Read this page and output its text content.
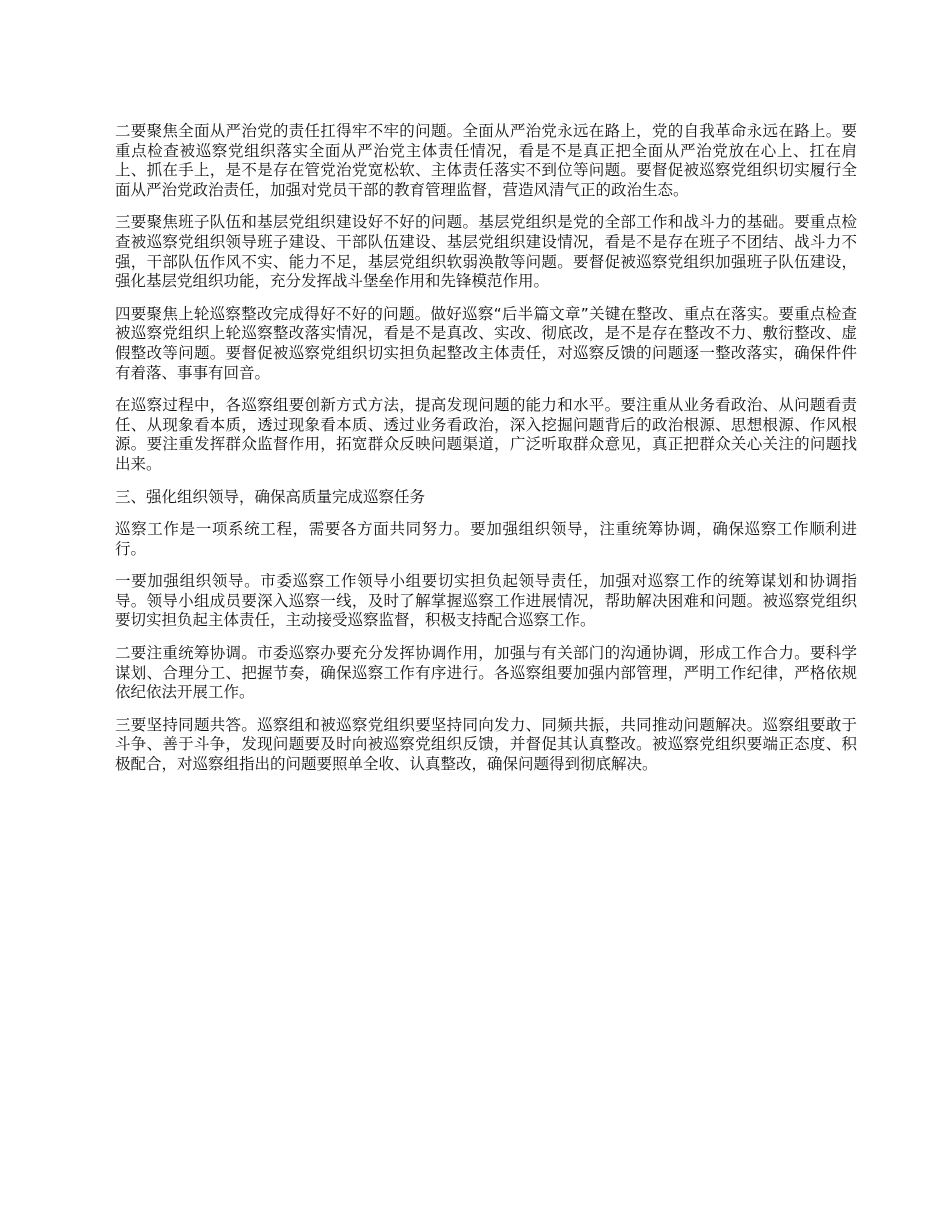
二要聚焦全面从严治党的责任扛得牢不牢的问题。全面从严治党永远在路上，党的自我革命永远在路上。要重点检查被巡察党组织落实全面从严治党主体责任情况，看是不是真正把全面从严治党放在心上、扛在肩上、抓在手上，是不是存在管党治党宽松软、主体责任落实不到位等问题。要督促被巡察党组织切实履行全面从严治党政治责任，加强对党员干部的教育管理监督，营造风清气正的政治生态。

三要聚焦班子队伍和基层党组织建设好不好的问题。基层党组织是党的全部工作和战斗力的基础。要重点检查被巡察党组织领导班子建设、干部队伍建设、基层党组织建设情况，看是不是存在班子不团结、战斗力不强，干部队伍作风不实、能力不足，基层党组织软弱涣散等问题。要督促被巡察党组织加强班子队伍建设，强化基层党组织功能，充分发挥战斗堡垒作用和先锋模范作用。

四要聚焦上轮巡察整改完成得好不好的问题。做好巡察“后半篇文章”关键在整改、重点在落实。要重点检查被巡察党组织上轮巡察整改落实情况，看是不是真改、实改、彻底改，是不是存在整改不力、敷衍整改、虚假整改等问题。要督促被巡察党组织切实担负起整改主体责任，对巡察反馈的问题逐一整改落实，确保件件有着落、事事有回音。

在巡察过程中，各巡察组要创新方式方法，提高发现问题的能力和水平。要注重从业务看政治、从问题看责任、从现象看本质，透过现象看本质、透过业务看政治，深入挖掘问题背后的政治根源、思想根源、作风根源。要注重发挥群众监督作用，拓宽群众反映问题渠道，广泛听取群众意见，真正把群众关心关注的问题找出来。

三、强化组织领导，确保高质量完成巡察任务

巡察工作是一项系统工程，需要各方面共同努力。要加强组织领导，注重统筹协调，确保巡察工作顺利进行。

一要加强组织领导。市委巡察工作领导小组要切实担负起领导责任，加强对巡察工作的统筹谋划和协调指导。领导小组成员要深入巡察一线，及时了解掌握巡察工作进展情况，帮助解决困难和问题。被巡察党组织要切实担负起主体责任，主动接受巡察监督，积极支持配合巡察工作。

二要注重统筹协调。市委巡察办要充分发挥协调作用，加强与有关部门的沟通协调，形成工作合力。要科学谋划、合理分工、把握节奏，确保巡察工作有序进行。各巡察组要加强内部管理，严明工作纪律，严格依规依纪依法开展工作。

三要坚持同题共答。巡察组和被巡察党组织要坚持同向发力、同频共振，共同推动问题解决。巡察组要敢于斗争、善于斗争，发现问题要及时向被巡察党组织反馈，并督促其认真整改。被巡察党组织要端正态度、积极配合，对巡察组指出的问题要照单全收、认真整改，确保问题得到彻底解决。
